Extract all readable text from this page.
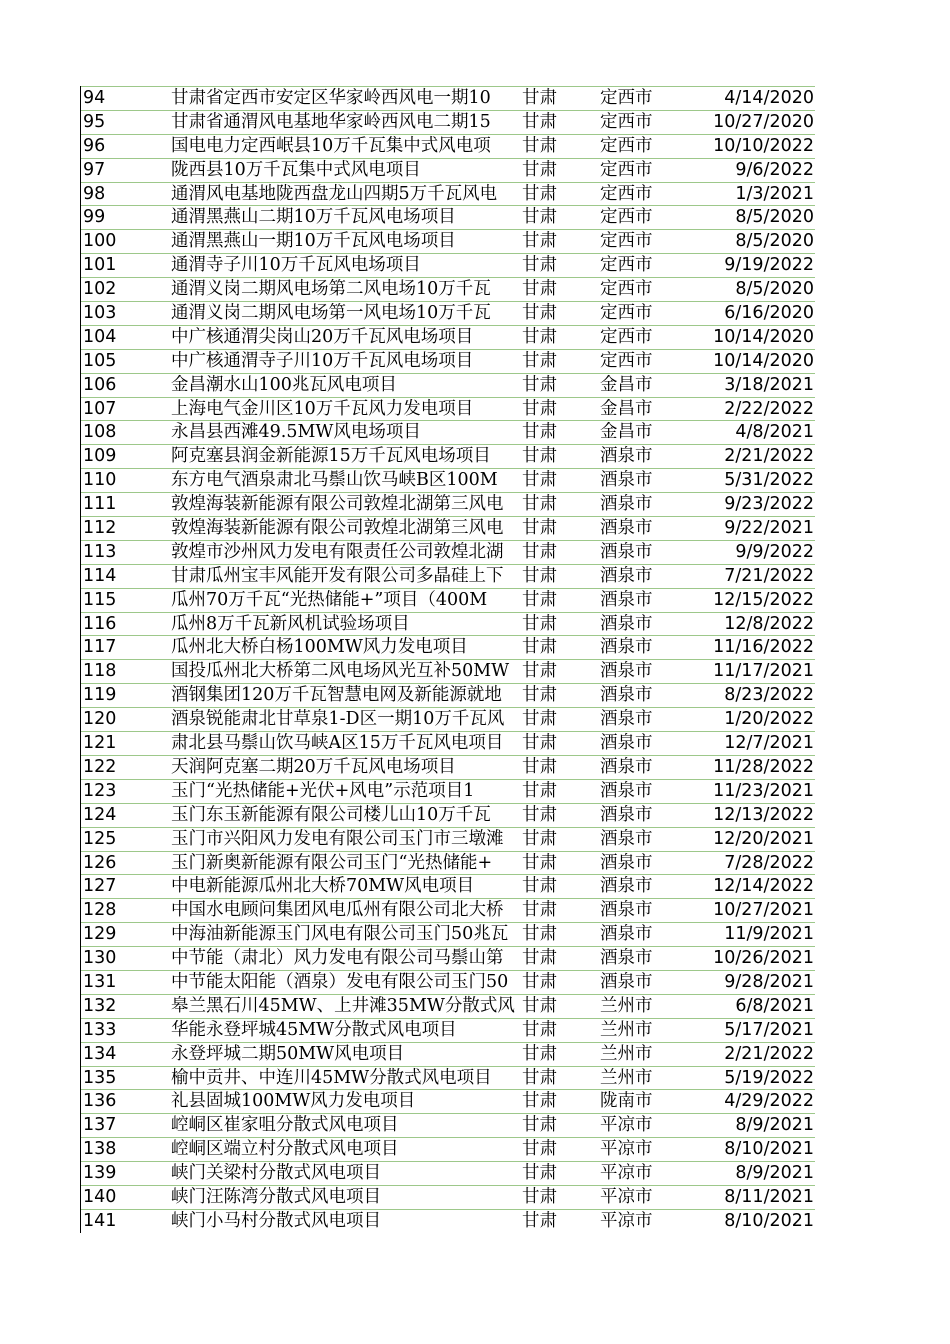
94	甘肃省定西市安定区华家岭西风电一期10	甘肃	定西市	4/14/2020
95	甘肃省通渭风电基地华家岭西风电二期15	甘肃	定西市	10/27/2020
96	国电电力定西岷县10万千瓦集中式风电项	甘肃	定西市	10/10/2022
97	陇西县10万千瓦集中式风电项目	甘肃	定西市	9/6/2022
98	通渭风电基地陇西盘龙山四期5万千瓦风电	甘肃	定西市	1/3/2021
99	通渭黑燕山二期10万千瓦风电场项目	甘肃	定西市	8/5/2020
100	通渭黑燕山一期10万千瓦风电场项目	甘肃	定西市	8/5/2020
101	通渭寺子川10万千瓦风电场项目	甘肃	定西市	9/19/2022
102	通渭义岗二期风电场第二风电场10万千瓦	甘肃	定西市	8/5/2020
103	通渭义岗二期风电场第一风电场10万千瓦	甘肃	定西市	6/16/2020
104	中广核通渭尖岗山20万千瓦风电场项目	甘肃	定西市	10/14/2020
105	中广核通渭寺子川10万千瓦风电场项目	甘肃	定西市	10/14/2020
106	金昌潮水山100兆瓦风电项目	甘肃	金昌市	3/18/2021
107	上海电气金川区10万千瓦风力发电项目	甘肃	金昌市	2/22/2022
108	永昌县西滩49.5MW风电场项目	甘肃	金昌市	4/8/2021
109	阿克塞县润金新能源15万千瓦风电场项目	甘肃	酒泉市	2/21/2022
110	东方电气酒泉肃北马鬃山饮马峡B区100M	甘肃	酒泉市	5/31/2022
111	敦煌海装新能源有限公司敦煌北湖第三风电	甘肃	酒泉市	9/23/2022
112	敦煌海装新能源有限公司敦煌北湖第三风电	甘肃	酒泉市	9/22/2021
113	敦煌市沙州风力发电有限责任公司敦煌北湖	甘肃	酒泉市	9/9/2022
114	甘肃瓜州宝丰风能开发有限公司多晶硅上下	甘肃	酒泉市	7/21/2022
115	瓜州70万千瓦“光热储能+”项目（400M	甘肃	酒泉市	12/15/2022
116	瓜州8万千瓦新风机试验场项目	甘肃	酒泉市	12/8/2022
117	瓜州北大桥白杨100MW风力发电项目	甘肃	酒泉市	11/16/2022
118	国投瓜州北大桥第二风电场风光互补50MW 甘肃	酒泉市	11/17/2021
119	酒钢集团120万千瓦智慧电网及新能源就地	甘肃	酒泉市	8/23/2022
120	酒泉锐能肃北甘草泉1-D区一期10万千瓦风	甘肃	酒泉市	1/20/2022
121	肃北县马鬃山饮马峡A区15万千瓦风电项目	甘肃	酒泉市	12/7/2021
122	天润阿克塞二期20万千瓦风电场项目	甘肃	酒泉市	11/28/2022
123	玉门“光热储能+光伏+风电”示范项目1	甘肃	酒泉市	11/23/2021
124	玉门东玉新能源有限公司楼儿山10万千瓦	甘肃	酒泉市	12/13/2022
125	玉门市兴阳风力发电有限公司玉门市三墩滩	甘肃	酒泉市	12/20/2021
126	玉门新奥新能源有限公司玉门“光热储能+	甘肃	酒泉市	7/28/2022
127	中电新能源瓜州北大桥70MW风电项目	甘肃	酒泉市	12/14/2022
128	中国水电顾问集团风电瓜州有限公司北大桥	甘肃	酒泉市	10/27/2021
129	中海油新能源玉门风电有限公司玉门50兆瓦 甘肃	酒泉市	11/9/2021
130	中节能（肃北）风力发电有限公司马鬃山第	甘肃	酒泉市	10/26/2021
131	中节能太阳能（酒泉）发电有限公司玉门50 甘肃	酒泉市	9/28/2021
132	皋兰黑石川45MW、上井滩35MW分散式风 甘肃	兰州市	6/8/2021
133	华能永登坪城45MW分散式风电项目	甘肃	兰州市	5/17/2021
134	永登坪城二期50MW风电项目	甘肃	兰州市	2/21/2022
135	榆中贡井、中连川45MW分散式风电项目	甘肃	兰州市	5/19/2022
136	礼县固城100MW风力发电项目	甘肃	陇南市	4/29/2022
137	崆峒区崔家咀分散式风电项目	甘肃	平凉市	8/9/2021
138	崆峒区端立村分散式风电项目	甘肃	平凉市	8/10/2021
139	峡门关梁村分散式风电项目	甘肃	平凉市	8/9/2021
140	峡门汪陈湾分散式风电项目	甘肃	平凉市	8/11/2021
141	峡门小马村分散式风电项目	甘肃	平凉市	8/10/2021
